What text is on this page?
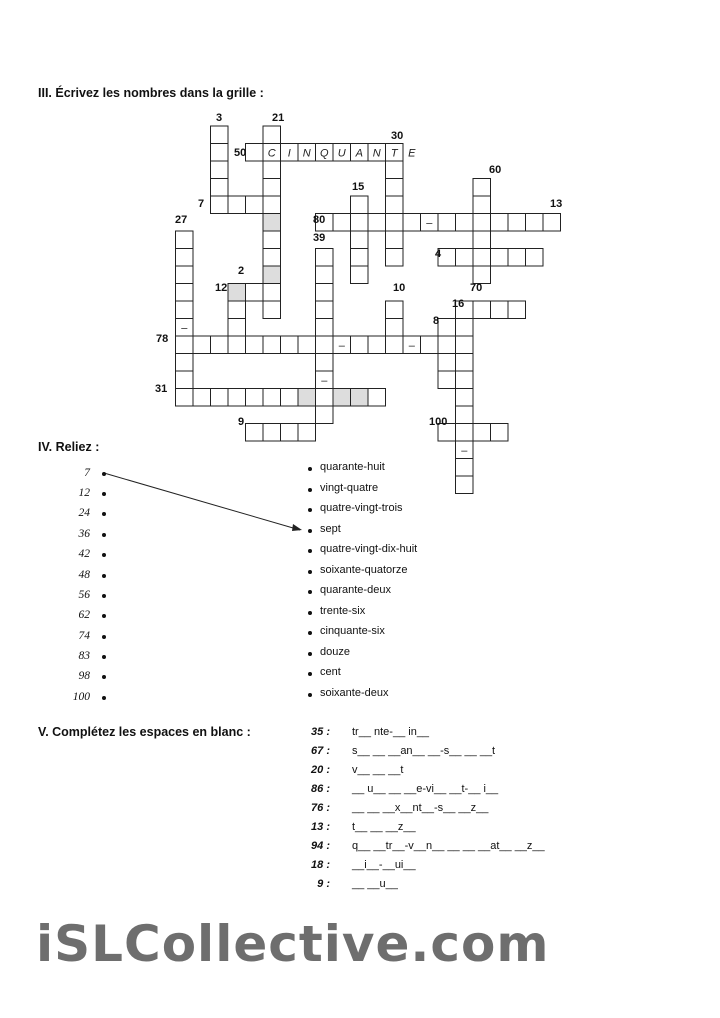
III. Écrivez les nombres dans la grille :
C I N Q U A N T E
–
–
–	–
–
–
3	21
30
50
60
15
13
7
80
27
39
4
2
12	10	70
16
8
78
31
9	100
IV. Reliez :
7
12
24
36
42
48
56
62
74
83
98
100
quarante-huit
vingt-quatre
quatre-vingt-trois
sept
quatre-vingt-dix-huit
soixante-quatorze
quarante-deux
trente-six
cinquante-six
douze
cent
soixante-deux
V. Complétez les espaces en blanc :	35 : tr__ nte-__ in__
67 : s__ __ __an__ __-s__ __ __t
20 : v__ __ __t
86 : __ u__ __ __e-vi__ __t-__ i__
76 : __ __ __x__nt__-s__ __z__
13 : t__ __ __z__
94 : q__ __tr__-v__n__ __ __ __at__ __z__
18 : __i__-__ui__
9 : __ __u__
iSLCollective.com
